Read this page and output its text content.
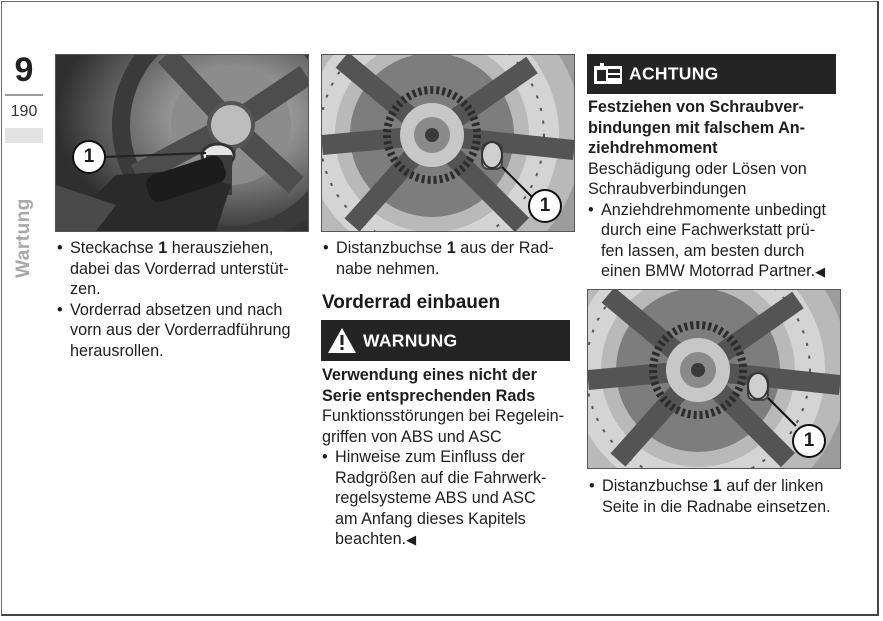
9
190
Wartung
1
1
1
• Steckachse 1 herausziehen,
dabei das Vorderrad unterstüt-
zen.
• Vorderrad absetzen und nach
vorn aus der Vorderradführung
herausrollen.
• Distanzbuchse 1 aus der Rad-
nabe nehmen.
Vorderrad einbauen
WARNUNG
Verwendung eines nicht der
Serie entsprechenden Rads
Funktionsstörungen bei Regelein-
griffen von ABS und ASC
• Hinweise zum Einfluss der
Radgrößen auf die Fahrwerk-
regelsysteme ABS und ASC
am Anfang dieses Kapitels
beachten.◀
ACHTUNG
Festziehen von Schraubver-
bindungen mit falschem An-
ziehdrehmoment
Beschädigung oder Lösen von
Schraubverbindungen
• Anziehdrehmomente unbedingt
durch eine Fachwerkstatt prü-
fen lassen, am besten durch
einen BMW Motorrad Partner.◀
• Distanzbuchse 1 auf der linken
Seite in die Radnabe einsetzen.
